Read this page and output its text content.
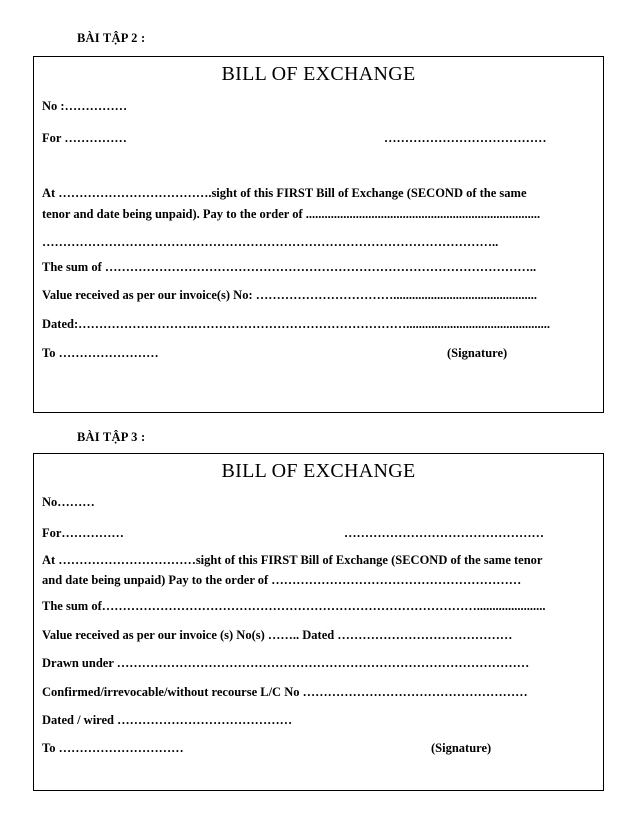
BÀI TẬP 2 :
BILL OF EXCHANGE
No :……………
For ……………	…………………………………
At ……………………………….sight of this FIRST Bill of Exchange (SECOND of the same
tenor and date being unpaid). Pay to the order of ...........................................................................
………………………………………………………………………………………………..
The sum of …………………………………………………………………………………………..
Value received as per our invoice(s) No: ……………………………..............................................
Dated:……………………….……………………………………………..............................................
To ……………………	(Signature)
BÀI TẬP 3 :
BILL OF EXCHANGE
No………
For……………	…………………………………………
At ……………………………sight of this FIRST Bill of Exchange (SECOND of the same tenor
and date being unpaid) Pay to the order of ……………………………………………………
The sum of………………………………………………………………………………......................
Value received as per our invoice (s) No(s) …….. Dated ……………………………………
Drawn under ………………………………………………………………………………………
Confirmed/irrevocable/without recourse L/C No ………………………………………………
Dated / wired ……………………………………
To …………………………	(Signature)
